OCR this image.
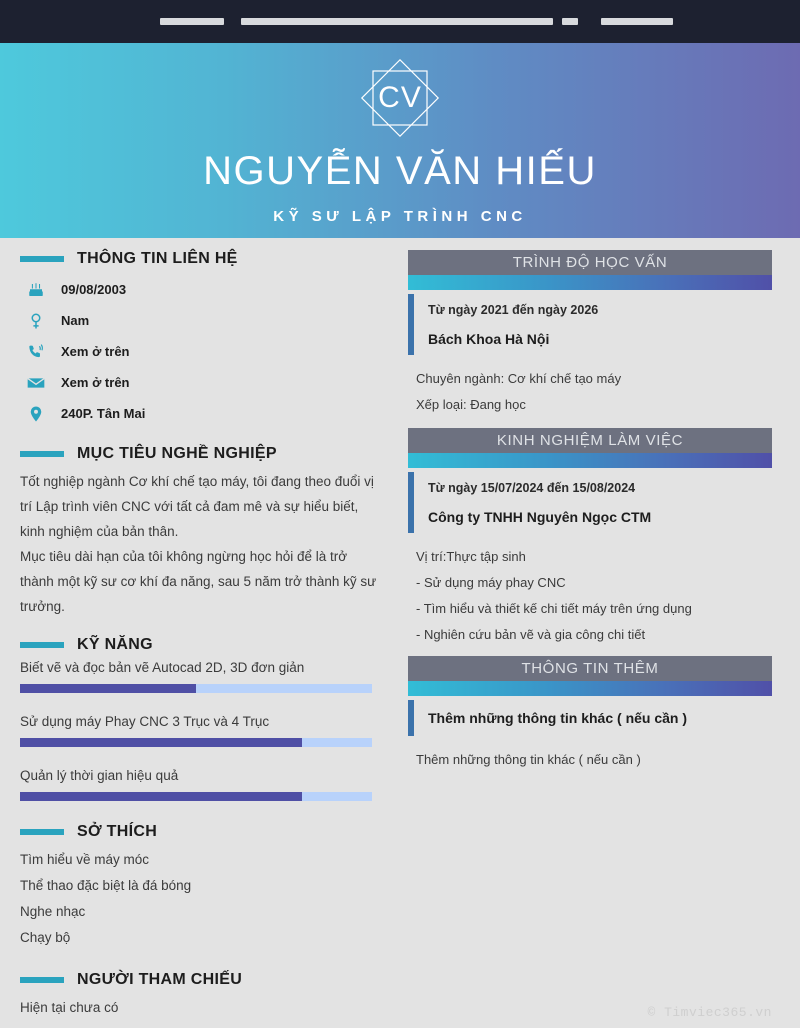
CV
NGUYỄN VĂN HIẾU
KỸ SƯ LẬP TRÌNH CNC
THÔNG TIN LIÊN HỆ
09/08/2003
Nam
Xem ở trên
Xem ở trên
240P. Tân Mai
MỤC TIÊU NGHỀ NGHIỆP
Tốt nghiệp ngành Cơ khí chế tạo máy, tôi đang theo đuổi vị trí Lập trình viên CNC với tất cả đam mê và sự hiểu biết, kinh nghiệm của bản thân.
Mục tiêu dài hạn của tôi không ngừng học hỏi để là trở thành một kỹ sư cơ khí đa năng, sau 5 năm trở thành kỹ sư trưởng.
KỸ NĂNG
Biết vẽ và đọc bản vẽ Autocad 2D, 3D đơn giản
Sử dụng máy Phay CNC 3 Trục và 4 Trục
Quản lý thời gian hiệu quả
SỞ THÍCH
Tìm hiểu về máy móc
Thể thao đặc biệt là đá bóng
Nghe nhạc
Chạy bộ
NGƯỜI THAM CHIẾU
Hiện tại chưa có
TRÌNH ĐỘ HỌC VẤN
Từ ngày 2021 đến ngày 2026
Bách Khoa Hà Nội
Chuyên ngành: Cơ khí chế tạo máy
Xếp loại: Đang học
KINH NGHIỆM LÀM VIỆC
Từ ngày 15/07/2024 đến 15/08/2024
Công ty TNHH Nguyên Ngọc CTM
Vị trí:Thực tập sinh
- Sử dụng máy phay CNC
- Tìm hiểu và thiết kế chi tiết máy trên ứng dụng
- Nghiên cứu bản vẽ và gia công chi tiết
THÔNG TIN THÊM
Thêm những thông tin khác ( nếu cần )
Thêm những thông tin khác ( nếu cần )
© Timviec365.vn
